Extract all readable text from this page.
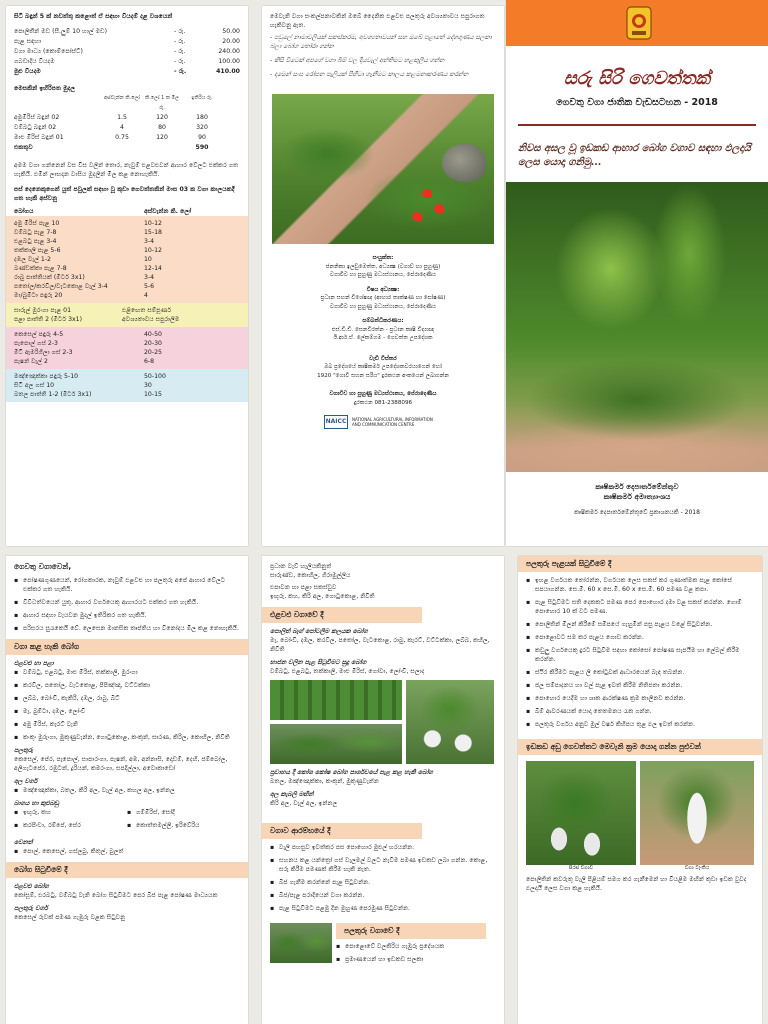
සිටි බඳුන් 5 ක් නඩත්තු කළොත් ඒ සඳහා වියදම් දළ වශයෙන්
පොලිතීන් මඩ (සී.ලුම් 10 හාල් මඩ)	- රු.	50.00
පැළ සඳහා	- රු.	20.00
වගා මාධ්‍ය (කොම්පෝස්ට්)	- රු.	240.00
ගබඩාදිය වියදම	- රු.	100.00
මුළු වියදම	- රු.	410.00
මෙසකින් ඉහිරිපත මුදල
අස්වැන්න කි.ලෝ	කි.ලෝ 1 ක මිල රු.
ඉතිරිය රු.
අමුමිරිස් බඳුන් 02	1.5	120	180
වම්බටු බඳුන් 02	4	80	320
මාළු මිරිස් බඳුන් 01	0.75	120	90
එකතුව	590
අමම වගා ගන්නෙන් වස විස වලින් තොර, නැවුම් එළවළුවන් ආහාර වේලට එක්කර ගත හැකියි. එමින් ලාභදාන වාසිය මුදලින් මිල කළ නොහැකියි.
පස් දෙනෙකුගෙන් යුත් පවුලක් සඳහා වූ කුඩා ගෙවත්තකින් මාස 03 ක වගා කාලයකදී ගත හැකි අස්වනු
බෝගය	අස්වැන්න කි. ලෝ
අමු මිරිස් පැළ 10	10-12
වම්බටු පැළ 7-8	15-18
එළබටු පැළ 3-4	3-4
තක්කාලි පැළ 5-6	10-12
දඹල වැල් 1-2	10
බණ්ඩක්කා පැළ 7-8	12-14
රාබු පාත්තියක් (මීටර් 3x1)	3-4
පතෝල/කරවිල/වැටකොළ වැල් 3-4	5-6
මා/බුමිටා පඳුරු 20	4
සාරුල් මුරංගා පැළ 01	එළිඟෙත සම්පූර්ණ
පළා පාත්ති 2 (මීටර් 3x1)	අවශ්‍යතාවය සපුරාලීම
කෙසෙල් පඳුරු 4-5	40-50
පැපොල් ගස් 2-3	20-30
මීටි ඇමරිගිලා ගස් 2-3	20-25
පැෂන් වැල් 2	6-8
මඤ්ඤොක්කා පඳුරු 5-10	50-100
සිටි අල ගස් 10	30
බතල පාත්ති 1-2 (මීටර් 3x1)	10-15
මෙවැනි වගා සංකල්පනාවකින් ඔබේ දෛනික එළවළු පලතුරු අවශ්‍යතාවය සපුරාගත හැකිවනු ඇත.
- පවුලේ නාමාවලියක් සකස්කරම, අවශ්‍යතාවයන් සහ ඔබේ පළාතේ දේශගුණය සලකා බලා බෝග තෝරා ගන්න
- කිසි විටෙක් අපගේ වගා බිම් වල දියවැල් අන්තිමට හළකුලීය ගන්න
- දාමෙන් සංඝ රෝපන පැලියක් පිහිටා ගැනීමට කාලය කළමනාකරණය කරන්න
සංයුක්ත:
ජනනිකා ඉලඞුමෙත්ත, අධ්‍යක්‍ෂ (වගාව් හා පුහුණු)
වගාවිව හා පුහුණු මධ්‍යස්ථානය, පේරාදෙණිය
විෂය අධ්‍යක්‍ෂ:
ප්‍රධාන සහන් විශේෂඥ (ආහාර තාක්ෂණ හා පෝෂණ)
වගාවිව හා පුහුණු මධ්‍යස්ථානය, පේරාදෙණිය
සම්බන්ධීකරණය:
එස්.ඩී.ඩී. සෙනවිරත්න - ප්‍රධාන කෘෂි විද්‍යාඥ
ඊ.ආර්.ඒ. ලේකම්ගම - ගෙවත්ත උපදේශක
වැඩි විස්තර
ඔබ ප්‍රදේශයේ කෘෂිකර්ම උපදේශකවරයාගෙන් හෝ
1920 "ගොවි සහන සරිය" දුරකථන අංකයෙන් ලබාගන්න
වගාවිව හා පුහුණු මධ්‍යස්ථානය, පේරාදෙණිය
දුරකථන 081-2388096
NAICC	NATIONAL AGRICULTURAL INFORMATION AND COMMUNICATION CENTRE
සරු සිරි ගෙවත්තක්
ගෙවතු වගා ජාතික වැඩසටහන - 2018
නිවස අසල වූ ඉඩකඩ ආහාර බෝග වගාව සඳහා ඵලදායි ලෙස යොදා ගනිමු...
කෘෂිකර්ම දෙපාර්තමේන්තුව
කෘෂිකර්ම අමාත්‍යාංශය
කෘෂිකර්ම දෙපාර්තමේන්තුවේ ප්‍රකාශනයකි - 2018
ගෙවතු වගාවෙන්,
▪ පෝෂණගුණයෙන්, රෝගකාරක, නැවුම් එළවළු හා පලතුරු අපේ ආහාර වේලට එක්කර ගත හැකියි.
▪ විවිධත්වයෙන් යුතු, ආහාර වර්ගයෙකු ආහාරයට එක්කර ගත හැකියි.
▪ ආහාර සඳහා වැයවන මුදල් ඉතිරිකර ගත හැකියි.
▪ පරිසරය සුරැකෙයි වේ. ලෙසෙන මානසික තෘප්තිය හා විනෝදය මිල කළ නොහැකියි.
වගා කළ හැකි බෝග
එළවළු හා පළා
▪ වම්බටු, එළබටු, මාළු මිරිස්, තක්කාලි, මුරංගා
▪ කරවිල, පතෝල, වැටකොළ, පිපිඤ්ඤා, වට්ටක්කා
▪ ලබ්බ, බෝංචි, කැකිරි, දඹල, රාබු, බීට්
▪ මෑ, බුම්ටා, දඹල, ලෝංචි
▪ අමු මිරිස්, කැරට් වැනි
▪ කංකුං මුරුංගා, මුකුණුවැන්න, ගොටුකොළ, කංකුන්, සාරණ, කිරිල, කොහිල, නිවිති
පලතුරු
කෙසෙල්, පේර, පැපොල්, සාපාරංගා, පැෂන්, අඹ, අන්නාසි, දොඩම්, දෙහි, ජම්බෝල, අලිගැටපේර, රඹුටන්, දූරියන්, කමරංගා, සපදිල්ලා, අවොකාඩෝ
අල වර්ග
▪ මඤ්ඤොක්කා, බතල, කිරි අල, වැල් අල, කහල අල, ඉන්නල
බාගය හා කුළුබඩු
▪ ඉඟුරු, කහ	▪ ගම්මිරිස්, සෝදි
▪ කරපිංචා, රම්පේ, සේර	▪ කොත්තමල්ලි, ඉරිවේරිය
වෙනත්
▪ පොල්, කෙසෙල්, ගස්ලබු, කිතුල්, බුලත්
බෝග සිටුවීමේ දී
එළවළු බෝග
කෝසූම්, එරබටු, වම්බටු වැනි බෝග සිටුවීමට පෙර බීජ පැළ පෝෂණ මාධ්‍යයක
පලතුරු වර්ග
කෙසෙල් රුවක් පමණ ගැඹුරු වළක සිටුවනු
ප්‍රධාන වැව් හෑලියකිනුත්
සාරුණ්ඩ, කොහිල, ගිරාමුල්ලිය
එපාවන හා පළා සකස්වුව
ඉඟුරු, කහ, කිරි අල, ගොටුකොළ, නිවිති
එළවළු වගාවේ දී
පොලිත් බෑග් පෝටලීම කලයක බෝග
මෑ, බෝංචි, දඹල, කරවිල, පතෝල, වැටකොළ, රාබු, කැරට්, වට්ටක්කා, ලබ්බ, කහිල, නිවිති
භාජන වලින පැළ සිටුවීමට සුදු බෝග
වම්බටු, එළබටු, තක්කාලි, මාළු මිරිස්, ගෝවා, ලෝංචි, සලාද
ප්‍රවාහය දී කෝශ කෝෂ බෝග පාර්ශවයේ පැළ කළ හැකි බෝග
බතල, මඤ්ඤොක්කා, කංකුන්, මුකුණුවැන්න
අල කැබලි මඟින්
කිරි අල, වැල් අල, ඉන්නල
වගාව ආරම්භයේ දී
▪ වැලි පහසුව ඉවත්කර පස පොහොර මුළුල් හරයන්න.
▪ සහනය කළ යන්ත්‍රෝ ගස් වැලමල් වලට නැවීම පමණ ඉඩකඩ ලබා ගන්න. කොළ, සරු කිරීම පමණක් කිරීම හැකි නැත.
▪ බීජ ගැනීම කරන්නේ පැළ සිටුවන්න.
▪ බීජ/පැළ පරාදියෙන් වගා කරන්න.
▪ පැළ සිටුවීමට පළමු දින මුහුණ පෙරමුණ සිටුවන්න.
පලතුරු වගාවේ දී
▪ පොළොවේ වලකිරිය ගැඹුරු ප්‍රදේශයක
▪ ප්‍රමාණයෙන් හා ඉඩකඩ සලකා
පලතුරු පැළයක් සිටුවීමේ දී
▪ ඉහළ වර්ගයක තෝරන්න, වර්ගයක ලෙස සකස් කර ගුණාත්මක පැළ කෝසේ සපයාගන්න. සෙ.මී. 60 x සෙ.මී. 60 x සෙ.මී. 60 පමණ වළ කපා.
▪ පැළ සිටුවීමට සති දෙකකට පමණ පෙර පොහොර දමා වළ සකස් කරන්න. ගොම් පොහොර 10 ක් වට පමණ.
▪ පොලිතින් මිලන් කිරීමේ සමීපයේ ගැහුමින් පසු පැළය වළේ සිටුවන්න.
▪ පොළොවට සම කර පැළය ගොඩ කරන්න.
▪ කඩුලු වර්ගයෙකු දුරට සිටුවීම සඳහා කෝසෝ පෝෂණ සැපයීම හා ලේබල් කිරීම කරන්න.
▪ ස්ථිර කිරීමට පැළය ලී කෝටුවක් ආධාරයෙන් බැඳ තබන්න.
▪ ජල සම්පාදනය හා වල් පැළ ඉවත් කිරීම නිතිපතා කරන්න.
▪ පොහොර යෙදීම හා ශාක ආරක්ෂණ ක්‍රම කාලීනව කරන්න.
▪ බිම් ආවරණයක් යොදා තෙතමනය රැක ගන්න.
▪ පලතුරු වර්ගය අනුව මුල් වර්ෂ කිහිපය තුළ ඵල ඉවත් කරන්න.
ඉඩකඩ අඩු ගෙවත්තට මෙවැනි ක්‍රම යොදා ගන්න පුළුවන්
සිරස් වගාව	වගා ටැංකිය
පොලිතින් කවරුතු වැලි පිළියම් සමග කර ගැනීමෙන් හා වියළීම මඟින් කුඩා ඉඩක වුවද ඵලදායී ලෙස වගා කළ හැකියි.
